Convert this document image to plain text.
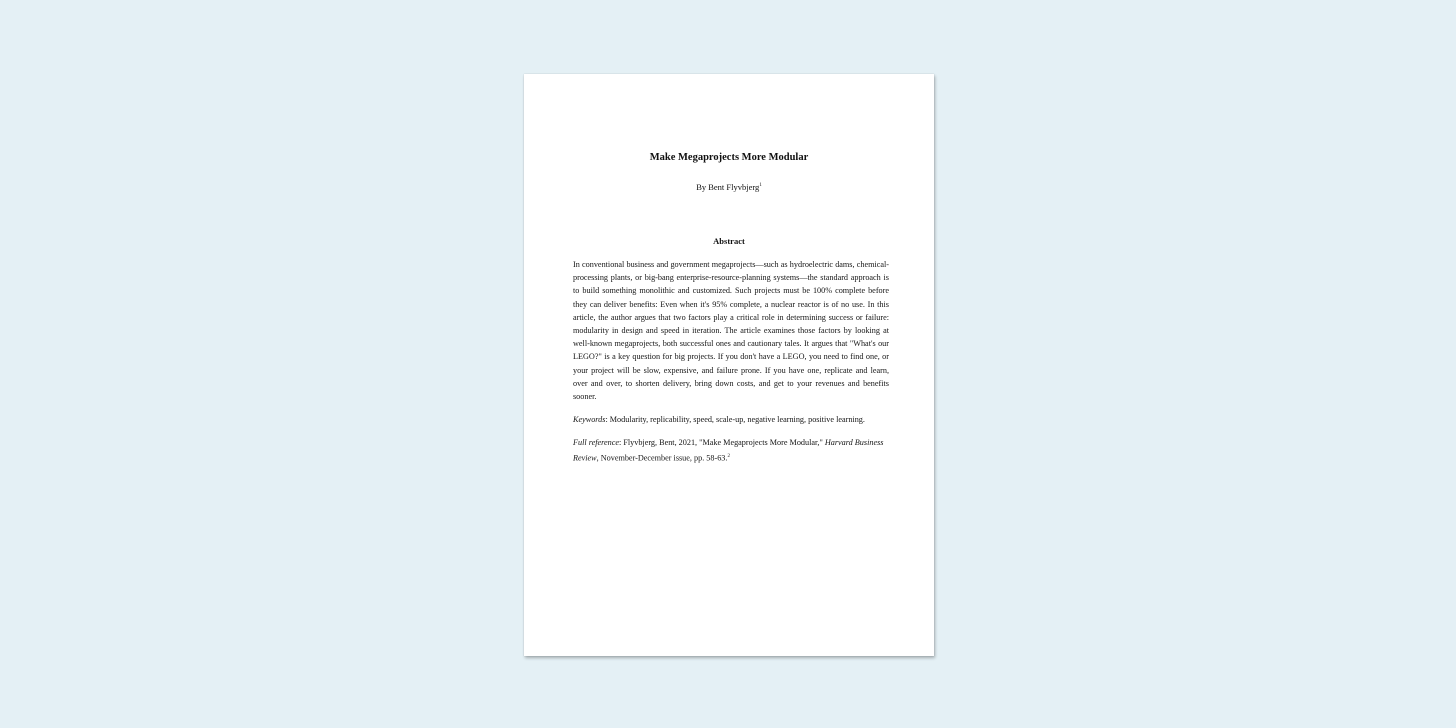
Make Megaprojects More Modular
By Bent Flyvbjerg$^1$
Abstract

In conventional business and government megaprojects—such as hydroelectric dams, chemical-processing plants, or big-bang enterprise-resource-planning systems—the standard approach is to build something monolithic and customized. Such projects must be 100% complete before they can deliver benefits: Even when it's 95% complete, a nuclear reactor is of no use. In this article, the author argues that two factors play a critical role in determining success or failure: modularity in design and speed in iteration. The article examines those factors by looking at well-known megaprojects, both successful ones and cautionary tales. It argues that "What's our LEGO?" is a key question for big projects. If you don't have a LEGO, you need to find one, or your project will be slow, expensive, and failure prone. If you have one, replicate and learn, over and over, to shorten delivery, bring down costs, and get to your revenues and benefits sooner.

Keywords: Modularity, replicability, speed, scale-up, negative learning, positive learning.

Full reference: Flyvbjerg, Bent, 2021, "Make Megaprojects More Modular," Harvard Business Review, November-December issue, pp. 58-63.$^2$
